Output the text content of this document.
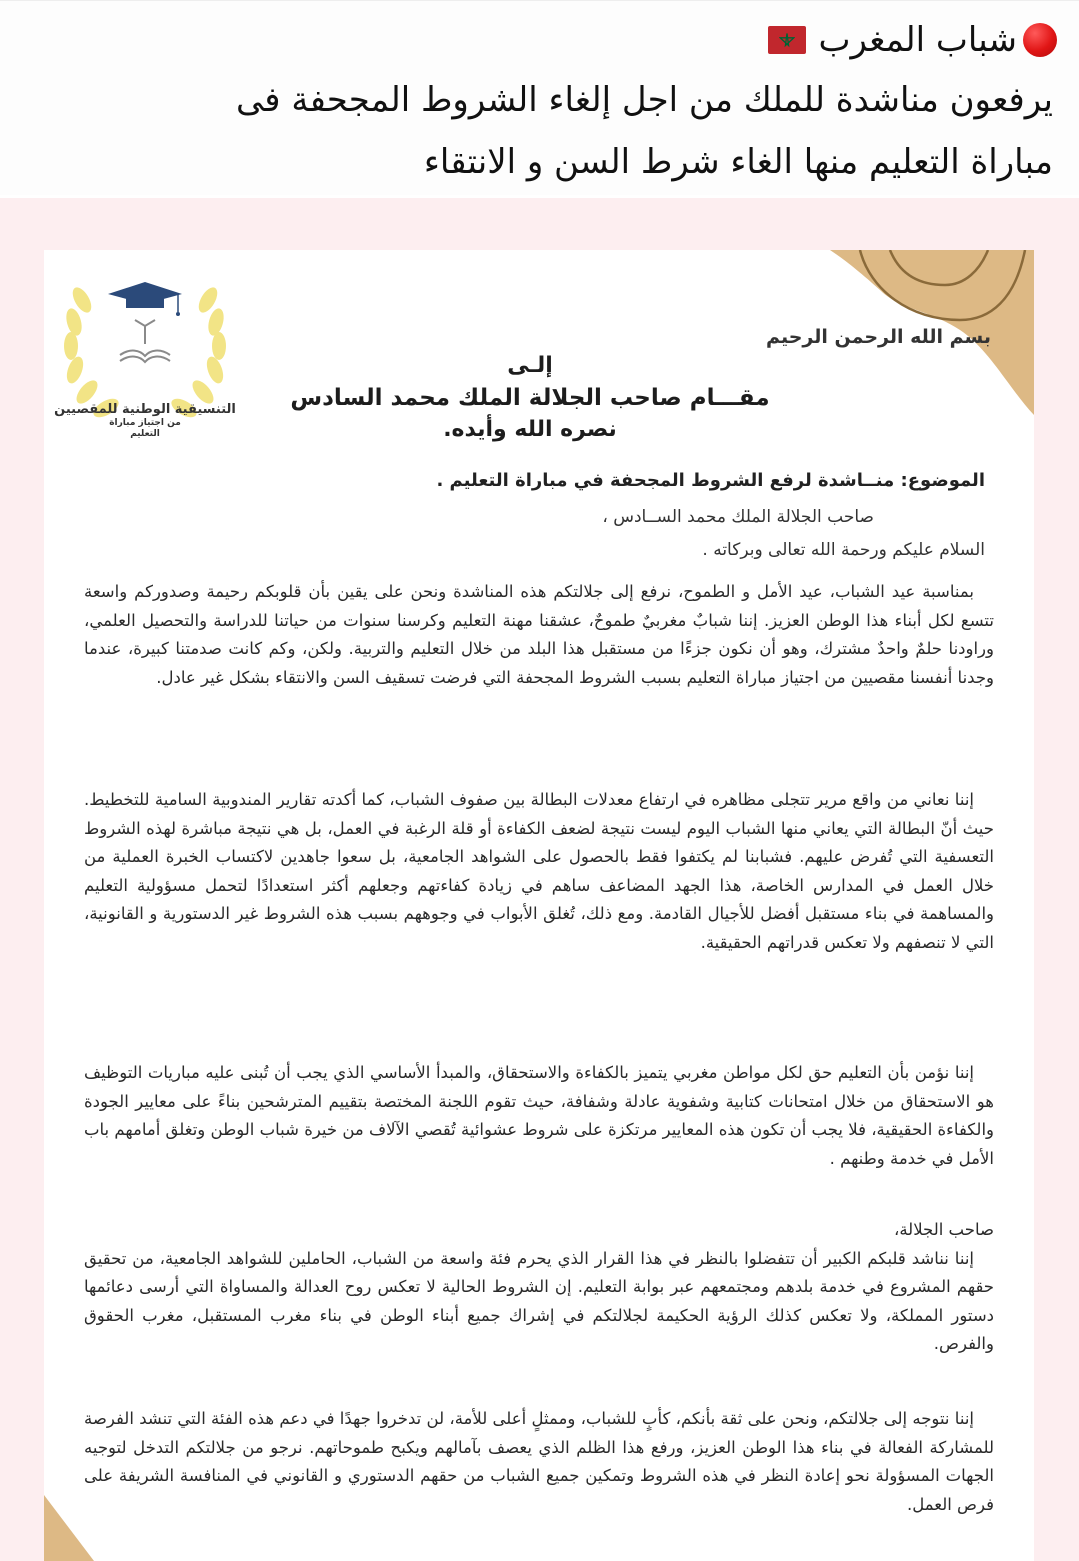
شباب المغرب
يرفعون مناشدة للملك من اجل إلغاء الشروط المجحفة فى
مباراة التعليم منها الغاء شرط السن و الانتقاء
التنسيقية الوطنية للمقصيين
من اجتياز مباراة
التعليم
بسم الله الرحمن الرحيم
إلـى
مقـــام صاحب الجلالة الملك محمد السادس
نصره الله وأيده.
الموضوع: منــاشدة لرفع الشروط المجحفة في مباراة التعليم .
صاحب الجلالة الملك محمد الســادس ،
السلام عليكم ورحمة الله تعالى وبركاته .

بمناسبة عيد الشباب، عيد الأمل و الطموح، نرفع إلى جلالتكم هذه المناشدة ونحن على يقين بأن قلوبكم رحيمة وصدوركم واسعة تتسع لكل أبناء هذا الوطن العزيز. إننا شبابٌ مغربيٌ طموحٌ، عشقنا مهنة التعليم وكرسنا سنوات من حياتنا للدراسة والتحصيل العلمي، وراودنا حلمٌ واحدٌ مشترك، وهو أن نكون جزءًا من مستقبل هذا البلد من خلال التعليم والتربية. ولكن، وكم كانت صدمتنا كبيرة، عندما وجدنا أنفسنا مقصيين من اجتياز مباراة التعليم بسبب الشروط المجحفة التي فرضت تسقيف السن والانتقاء بشكل غير عادل.

إننا نعاني من واقع مرير تتجلى مظاهره في ارتفاع معدلات البطالة بين صفوف الشباب، كما أكدته تقارير المندوبية السامية للتخطيط. حيث أنّ البطالة التي يعاني منها الشباب اليوم ليست نتيجة لضعف الكفاءة أو قلة الرغبة في العمل، بل هي نتيجة مباشرة لهذه الشروط التعسفية التي تُفرض عليهم. فشبابنا لم يكتفوا فقط بالحصول على الشواهد الجامعية، بل سعوا جاهدين لاكتساب الخبرة العملية من خلال العمل في المدارس الخاصة، هذا الجهد المضاعف ساهم في زيادة كفاءتهم وجعلهم أكثر استعدادًا لتحمل مسؤولية التعليم والمساهمة في بناء مستقبل أفضل للأجيال القادمة. ومع ذلك، تُغلق الأبواب في وجوههم بسبب هذه الشروط غير الدستورية و القانونية، التي لا تنصفهم ولا تعكس قدراتهم الحقيقية.

إننا نؤمن بأن التعليم حق لكل مواطن مغربي يتميز بالكفاءة والاستحقاق، والمبدأ الأساسي الذي يجب أن تُبنى عليه مباريات التوظيف هو الاستحقاق من خلال امتحانات كتابية وشفوية عادلة وشفافة، حيث تقوم اللجنة المختصة بتقييم المترشحين بناءً على معايير الجودة والكفاءة الحقيقية، فلا يجب أن تكون هذه المعايير مرتكزة على شروط عشوائية تُقصي الآلاف من خيرة شباب الوطن وتغلق أمامهم باب الأمل في خدمة وطنهم .

صاحب الجلالة،

إننا نناشد قلبكم الكبير أن تتفضلوا بالنظر في هذا القرار الذي يحرم فئة واسعة من الشباب، الحاملين للشواهد الجامعية، من تحقيق حقهم المشروع في خدمة بلدهم ومجتمعهم عبر بوابة التعليم. إن الشروط الحالية لا تعكس روح العدالة والمساواة التي أرسى دعائمها دستور المملكة، ولا تعكس كذلك الرؤية الحكيمة لجلالتكم في إشراك جميع أبناء الوطن في بناء مغرب المستقبل، مغرب الحقوق والفرص.

إننا نتوجه إلى جلالتكم، ونحن على ثقة بأنكم، كأبٍ للشباب، وممثلٍ أعلى للأمة، لن تدخروا جهدًا في دعم هذه الفئة التي تنشد الفرصة للمشاركة الفعالة في بناء هذا الوطن العزيز، ورفع هذا الظلم الذي يعصف بآمالهم ويكبح طموحاتهم. نرجو من جلالتكم التدخل لتوجيه الجهات المسؤولة نحو إعادة النظر في هذه الشروط وتمكين جميع الشباب من حقهم الدستوري و القانوني في المنافسة الشريفة على فرص العمل.
